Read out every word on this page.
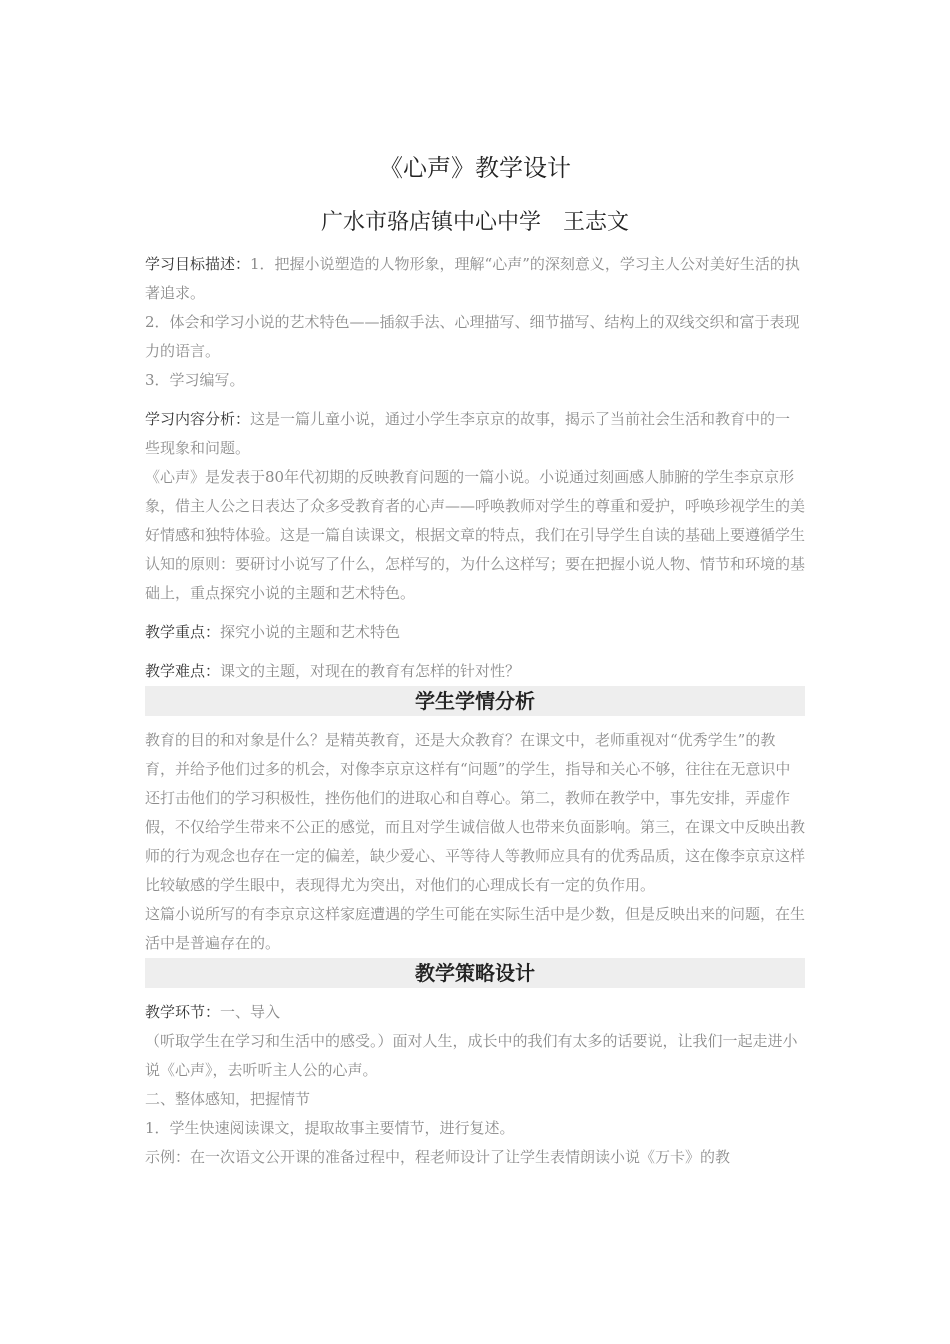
《心声》教学设计
广水市骆店镇中心中学　王志文

学习目标描述：1．把握小说塑造的人物形象，理解“心声”的深刻意义，学习主人公对美好生活的执著追求。

2．体会和学习小说的艺术特色——插叙手法、心理描写、细节描写、结构上的双线交织和富于表现力的语言。

3．学习编写。

学习内容分析：这是一篇儿童小说，通过小学生李京京的故事，揭示了当前社会生活和教育中的一些现象和问题。

《心声》是发表于80年代初期的反映教育问题的一篇小说。小说通过刻画感人肺腑的学生李京京形象，借主人公之日表达了众多受教育者的心声——呼唤教师对学生的尊重和爱护，呼唤珍视学生的美好情感和独特体验。这是一篇自读课文，根据文章的特点，我们在引导学生自读的基础上要遵循学生认知的原则：要研讨小说写了什么，怎样写的，为什么这样写；要在把握小说人物、情节和环境的基础上，重点探究小说的主题和艺术特色。

教学重点：探究小说的主题和艺术特色

教学难点：课文的主题，对现在的教育有怎样的针对性？

学生学情分析

教育的目的和对象是什么？是精英教育，还是大众教育？在课文中，老师重视对“优秀学生”的教育，并给予他们过多的机会，对像李京京这样有“问题”的学生，指导和关心不够，往往在无意识中还打击他们的学习积极性，挫伤他们的进取心和自尊心。第二，教师在教学中，事先安排，弄虚作假，不仅给学生带来不公正的感觉，而且对学生诚信做人也带来负面影响。第三，在课文中反映出教师的行为观念也存在一定的偏差，缺少爱心、平等待人等教师应具有的优秀品质，这在像李京京这样比较敏感的学生眼中，表现得尤为突出，对他们的心理成长有一定的负作用。

这篇小说所写的有李京京这样家庭遭遇的学生可能在实际生活中是少数，但是反映出来的问题，在生活中是普遍存在的。

教学策略设计

教学环节：一、导入

（听取学生在学习和生活中的感受。）面对人生，成长中的我们有太多的话要说，让我们一起走进小说《心声》，去听听主人公的心声。

二、整体感知，把握情节

1．学生快速阅读课文，提取故事主要情节，进行复述。

示例：在一次语文公开课的准备过程中，程老师设计了让学生表情朗读小说《万卡》的教
